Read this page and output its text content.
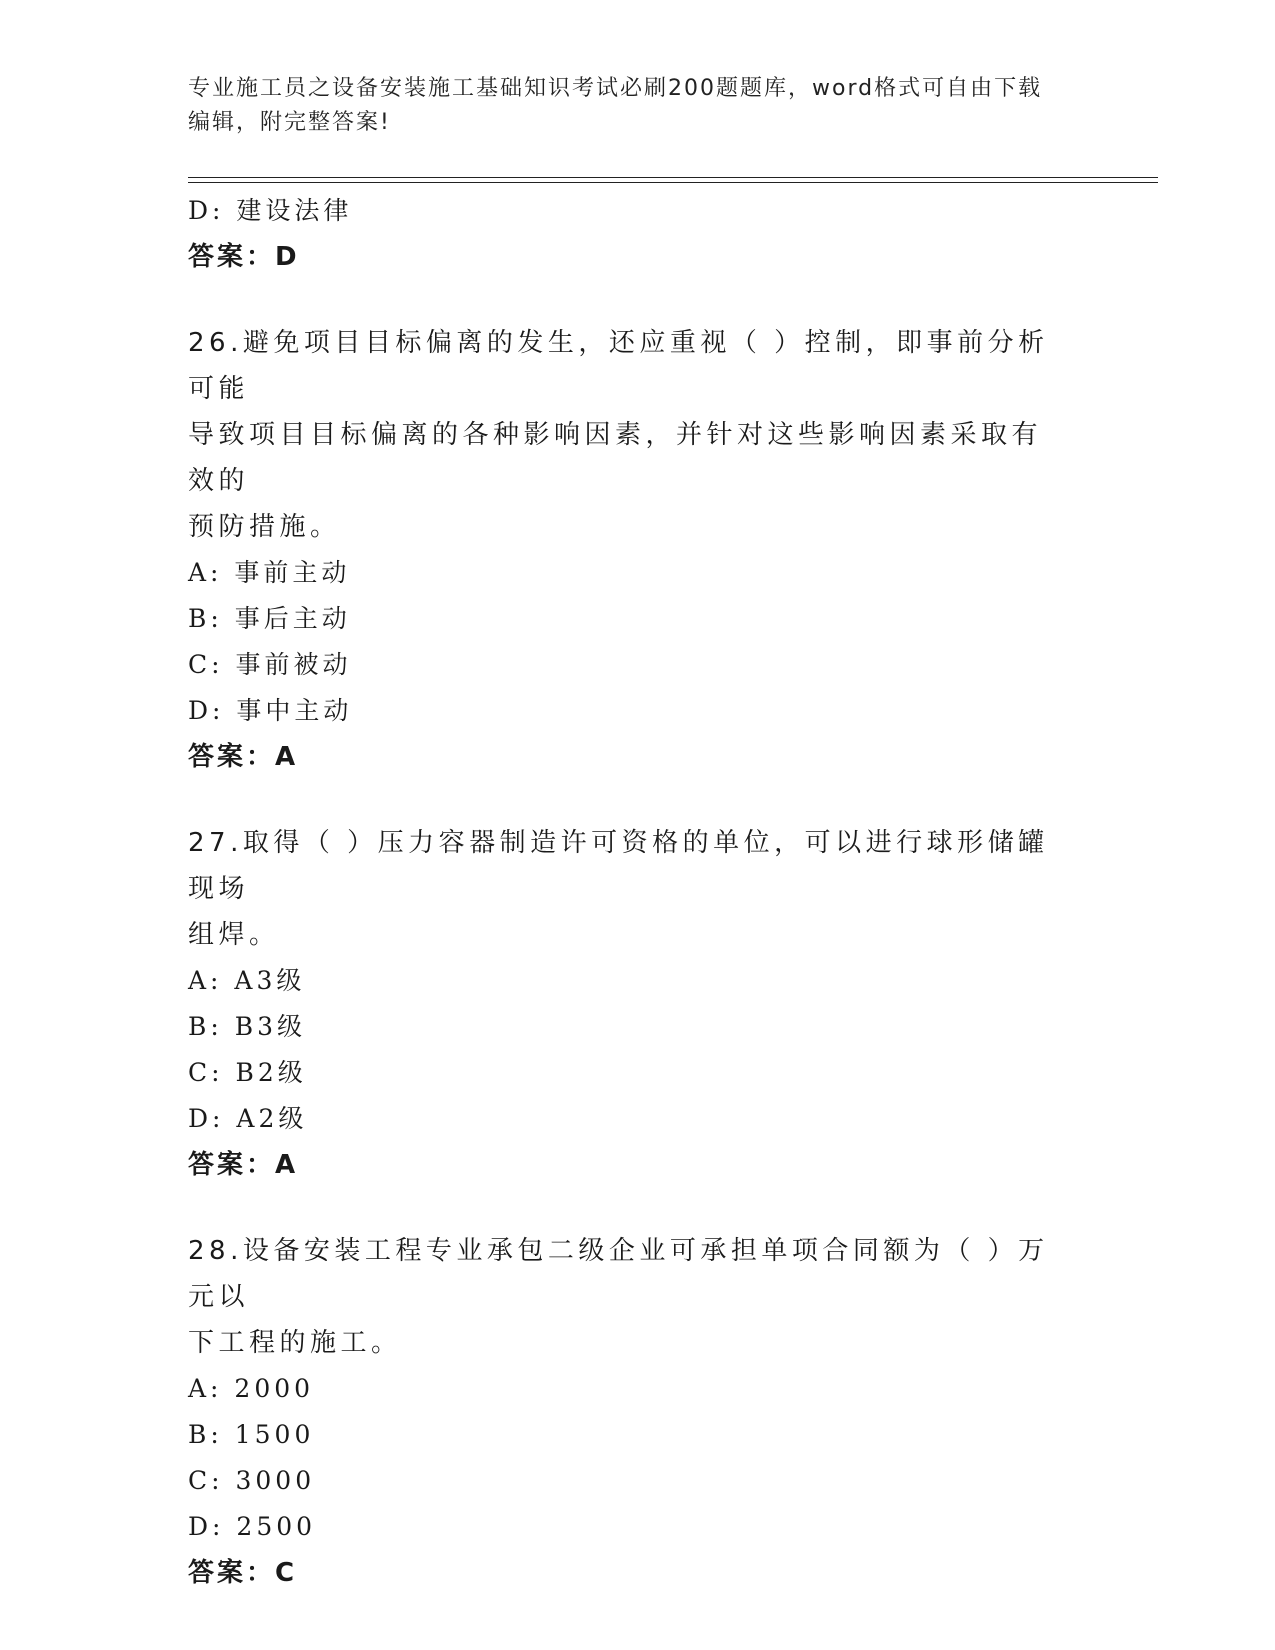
专业施工员之设备安装施工基础知识考试必刷200题题库，word格式可自由下载
编辑，附完整答案!

D: 建设法律

答案：D

26.避免项目目标偏离的发生，还应重视（ ）控制，即事前分析可能

导致项目目标偏离的各种影响因素，并针对这些影响因素采取有效的

预防措施。

A: 事前主动

B: 事后主动

C: 事前被动

D: 事中主动

答案：A

27.取得（ ）压力容器制造许可资格的单位，可以进行球形储罐现场

组焊。

A: A3级

B: B3级

C: B2级

D: A2级

答案：A

28.设备安装工程专业承包二级企业可承担单项合同额为（ ）万元以

下工程的施工。

A: 2000

B: 1500

C: 3000

D: 2500

答案：C
